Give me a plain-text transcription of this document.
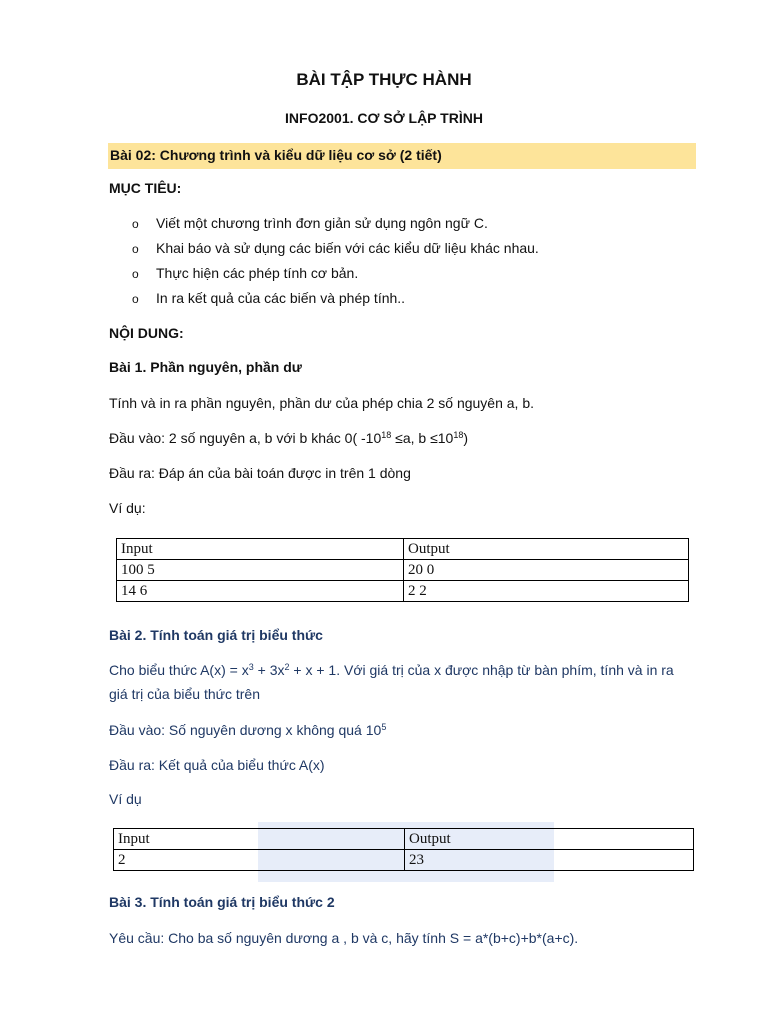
BÀI TẬP THỰC HÀNH
INFO2001. CƠ SỞ LẬP TRÌNH
Bài 02: Chương trình và kiểu dữ liệu cơ sở (2 tiết)
MỤC TIÊU:
o Viết một chương trình đơn giản sử dụng ngôn ngữ C.
o Khai báo và sử dụng các biến với các kiểu dữ liệu khác nhau.
o Thực hiện các phép tính cơ bản.
o In ra kết quả của các biến và phép tính..
NỘI DUNG:
Bài 1. Phần nguyên, phần dư
Tính và in ra phần nguyên, phần dư của phép chia 2 số nguyên a, b.
Đầu vào: 2 số nguyên a, b với b khác 0( $-10^{18} \le a$, $b \le 10^{18}$)
Đầu ra: Đáp án của bài toán được in trên 1 dòng
Ví dụ:
Input	Output
100 5	20 0
14 6	2 2
Bài 2. Tính toán giá trị biểu thức
Cho biểu thức $A(x) = x^3 + 3x^2 + x + 1$. Với giá trị của x được nhập từ bàn phím, tính và in ra
giá trị của biểu thức trên
Đầu vào: Số nguyên dương x không quá $10^5$
Đầu ra: Kết quả của biểu thức A(x)
Ví dụ
Input	Output
2	23
Bài 3. Tính toán giá trị biểu thức 2
Yêu cầu: Cho ba số nguyên dương a , b và c, hãy tính S = a*(b+c)+b*(a+c).
